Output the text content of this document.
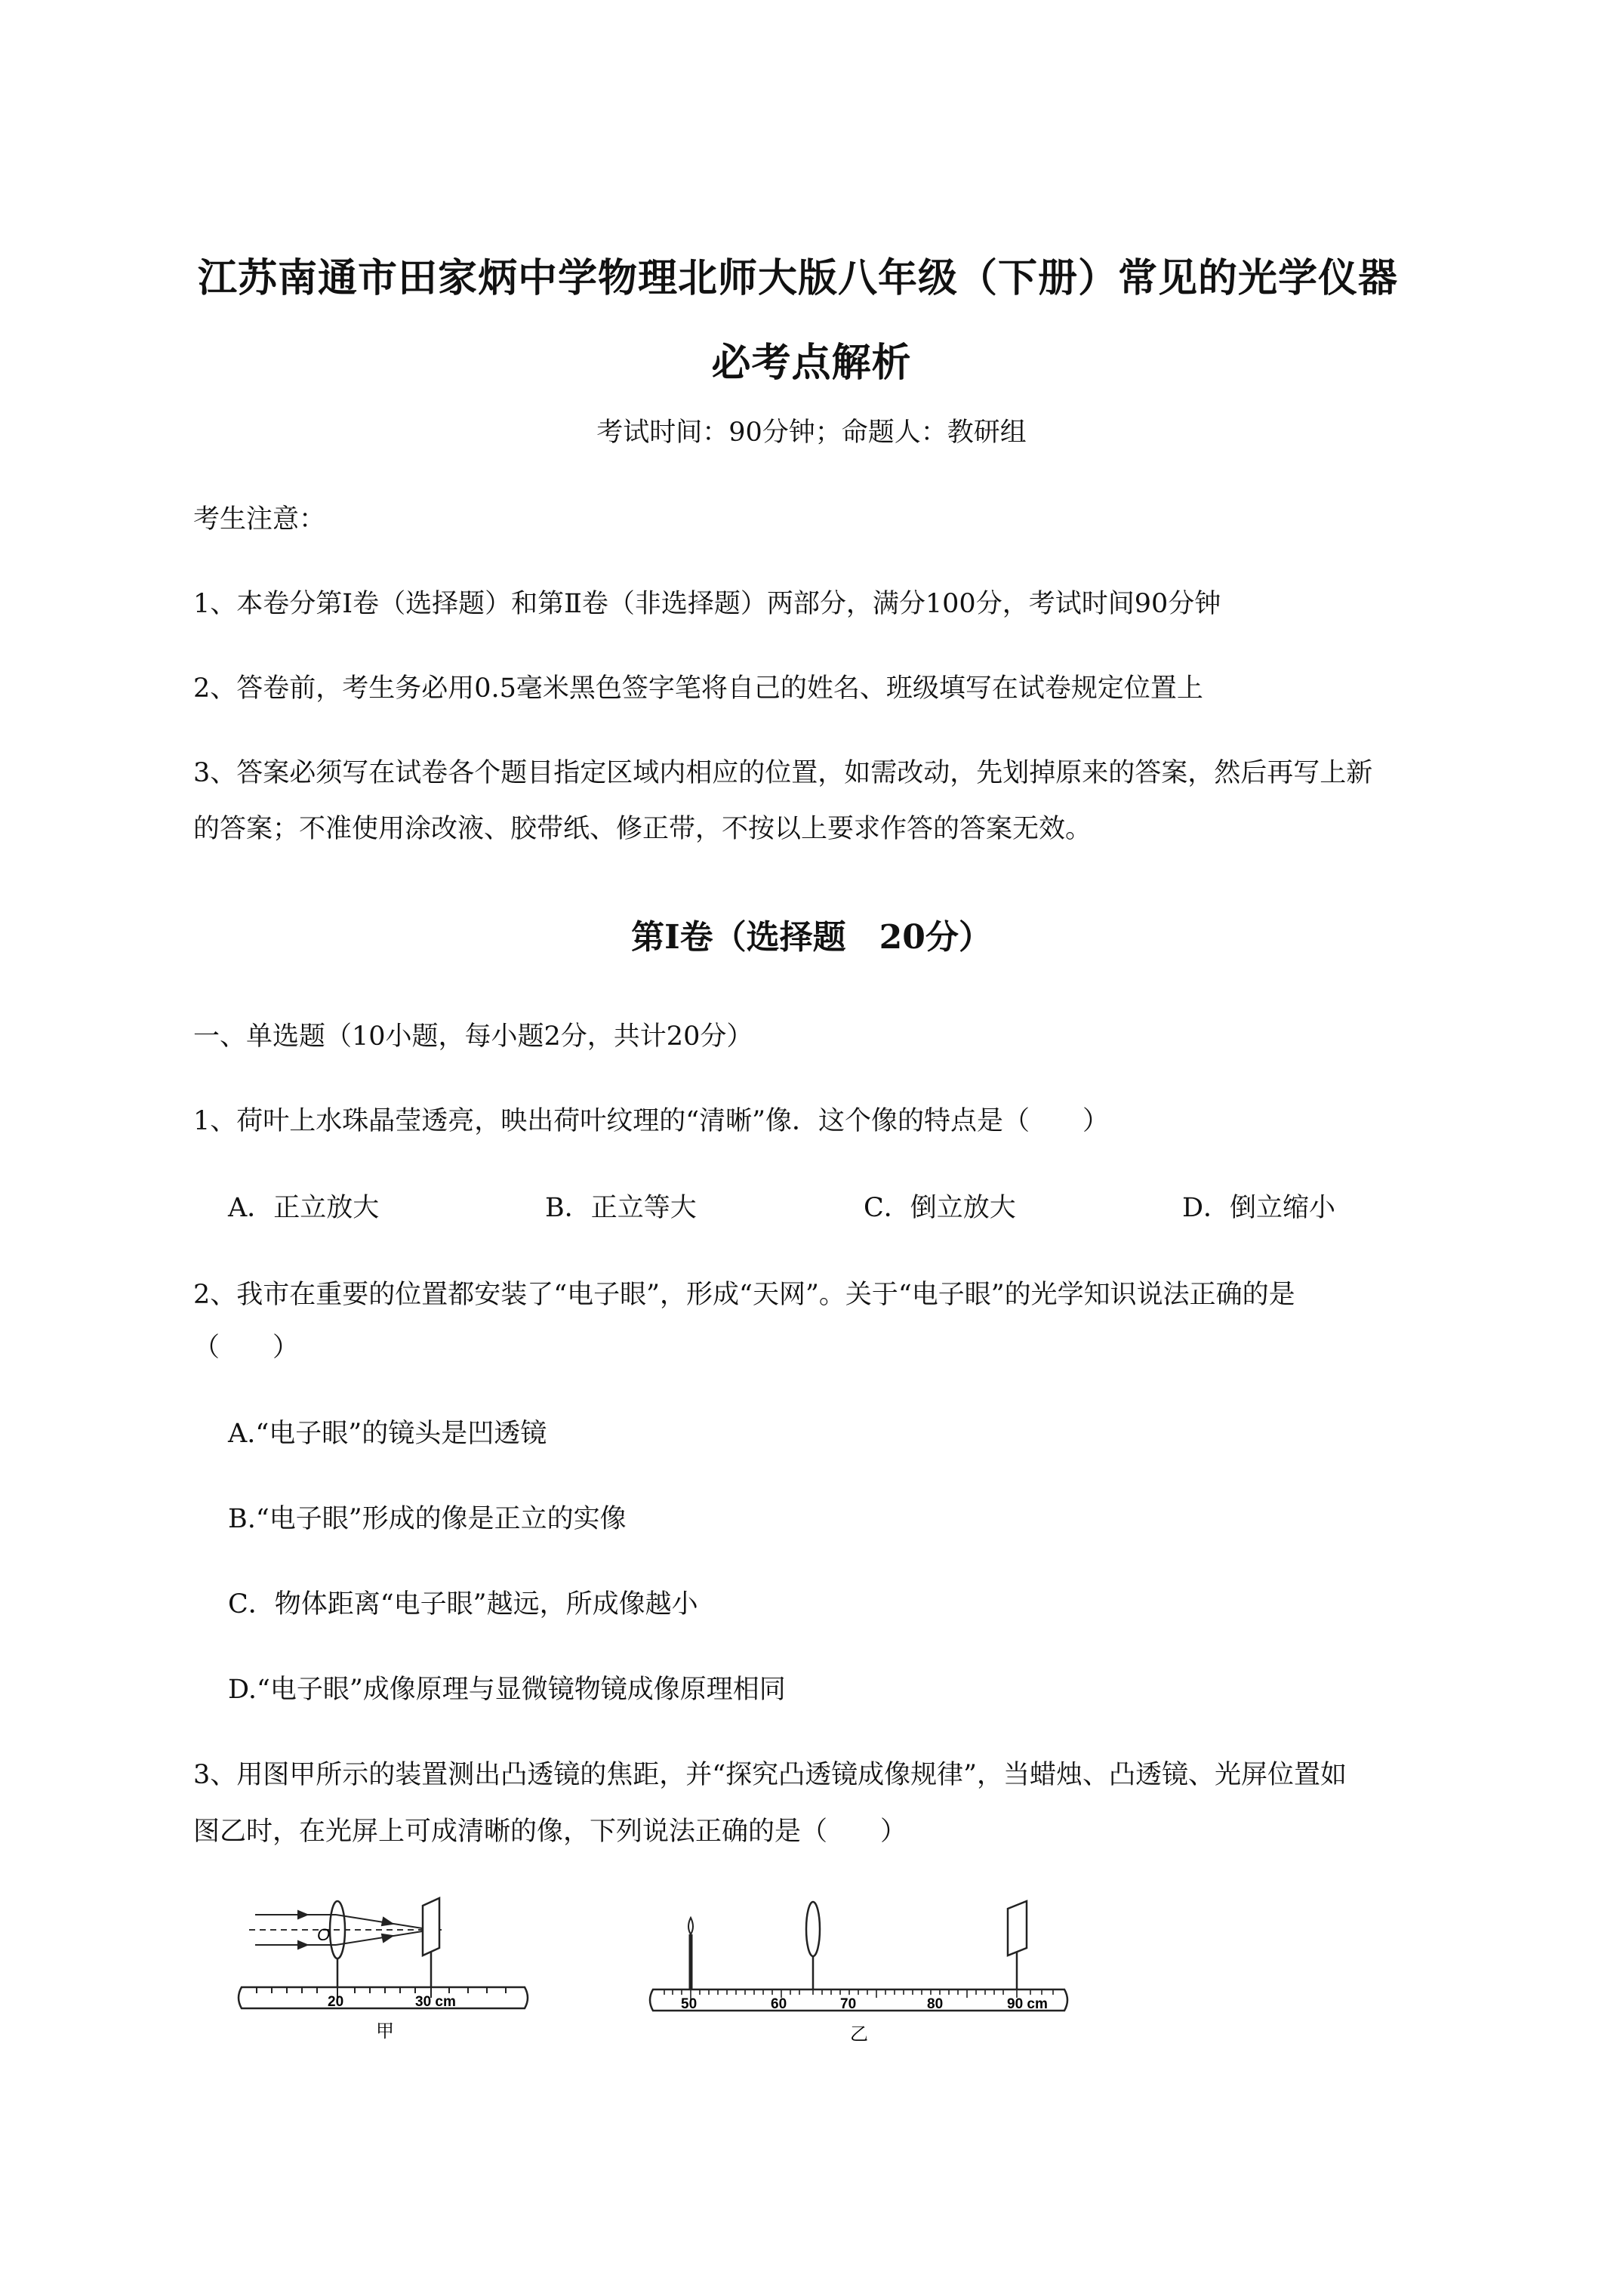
江苏南通市田家炳中学物理北师大版八年级（下册）常见的光学仪器
必考点解析
考试时间：90分钟；命题人：教研组
考生注意：
1、本卷分第Ⅰ卷（选择题）和第Ⅱ卷（非选择题）两部分，满分100分，考试时间90分钟
2、答卷前，考生务必用0.5毫米黑色签字笔将自己的姓名、班级填写在试卷规定位置上
3、答案必须写在试卷各个题目指定区域内相应的位置，如需改动，先划掉原来的答案，然后再写上新
的答案；不准使用涂改液、胶带纸、修正带，不按以上要求作答的答案无效。
第Ⅰ卷（选择题　20分）
一、单选题（10小题，每小题2分，共计20分）
1、荷叶上水珠晶莹透亮，映出荷叶纹理的“清晰”像．这个像的特点是（　　）
A．正立放大	B．正立等大	C．倒立放大	D．倒立缩小
2、我市在重要的位置都安装了“电子眼”，形成“天网”。关于“电子眼”的光学知识说法正确的是
（　　）
A.“电子眼”的镜头是凹透镜
B.“电子眼”形成的像是正立的实像
C．物体距离“电子眼”越远，所成像越小
D.“电子眼”成像原理与显微镜物镜成像原理相同
3、用图甲所示的装置测出凸透镜的焦距，并“探究凸透镜成像规律”，当蜡烛、凸透镜、光屏位置如
图乙时，在光屏上可成清晰的像，下列说法正确的是（　　）
O
20	30 cm
甲
50	60	70	80	90 cm
乙
